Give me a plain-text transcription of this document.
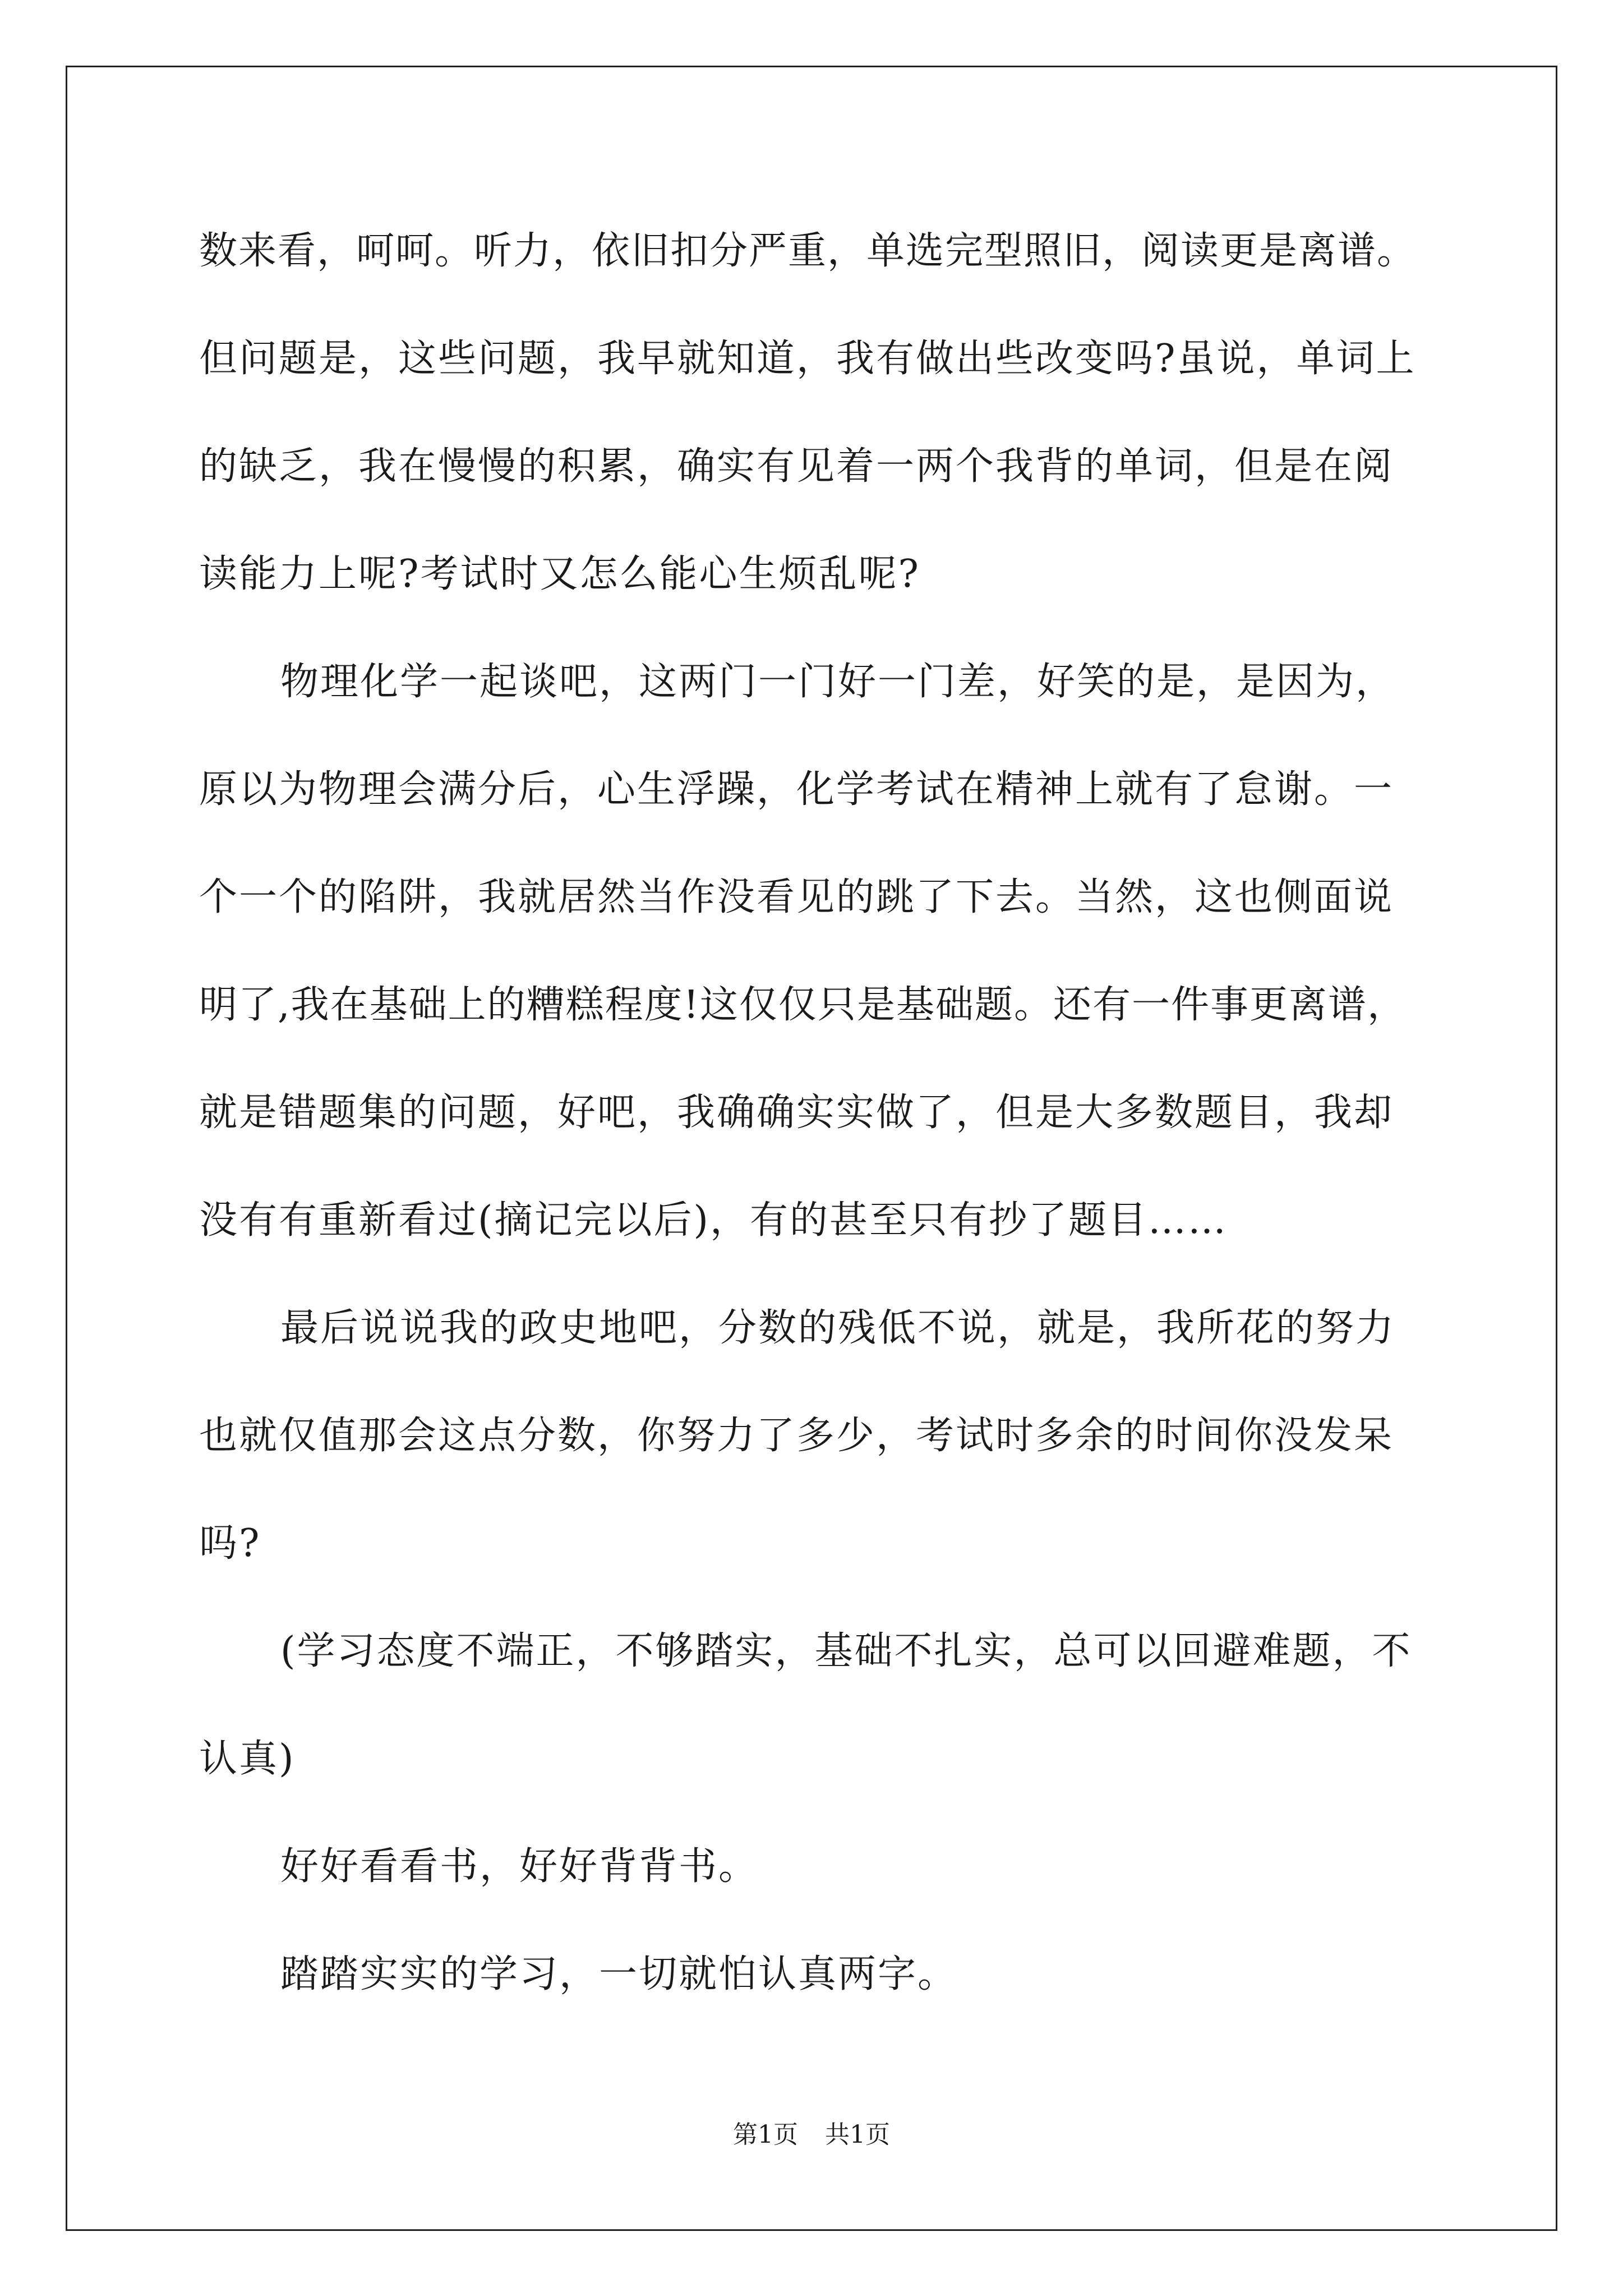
数来看，呵呵。听力，依旧扣分严重，单选完型照旧，阅读更是离谱。
但问题是，这些问题，我早就知道，我有做出些改变吗?虽说，单词上
的缺乏，我在慢慢的积累，确实有见着一两个我背的单词，但是在阅
读能力上呢?考试时又怎么能心生烦乱呢?
物理化学一起谈吧，这两门一门好一门差，好笑的是，是因为，
原以为物理会满分后，心生浮躁，化学考试在精神上就有了怠谢。一
个一个的陷阱，我就居然当作没看见的跳了下去。当然，这也侧面说
明了,我在基础上的糟糕程度!这仅仅只是基础题。还有一件事更离谱，
就是错题集的问题，好吧，我确确实实做了，但是大多数题目，我却
没有有重新看过(摘记完以后)，有的甚至只有抄了题目……
最后说说我的政史地吧，分数的残低不说，就是，我所花的努力
也就仅值那会这点分数，你努力了多少，考试时多余的时间你没发呆
吗?
(学习态度不端正，不够踏实，基础不扎实，总可以回避难题，不
认真)
好好看看书，好好背背书。
踏踏实实的学习，一切就怕认真两字。
第1页 共1页
